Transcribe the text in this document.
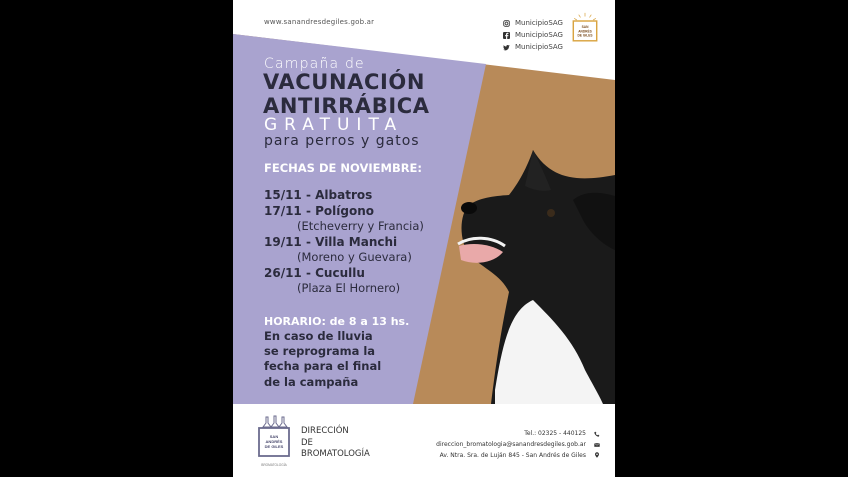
www.sanandresdegiles.gob.ar	MunicipioSAG
MunicipioSAG
MunicipioSAG
SAN
ANDRÉS
DE GILES
Campaña de
VACUNACIÓN
ANTIRRÁBICA
GRATUITA
para perros y gatos
FECHAS DE NOVIEMBRE:
15/11 - Albatros
17/11 - Polígono
(Etcheverry y Francia)
19/11 - Villa Manchi
(Moreno y Guevara)
26/11 - Cucullu
(Plaza El Hornero)
HORARIO: de 8 a 13 hs.
En caso de lluvia
se reprograma la
fecha para el final
de la campaña
SAN
ANDRÉS
DE GILES
BROMATOLOGÍA
DIRECCIÓN
DE
BROMATOLOGÍA
Tel.: 02325 - 440125
direccion_bromatologia@sanandresdegiles.gob.ar
Av. Ntra. Sra. de Luján 845 - San Andrés de Giles
